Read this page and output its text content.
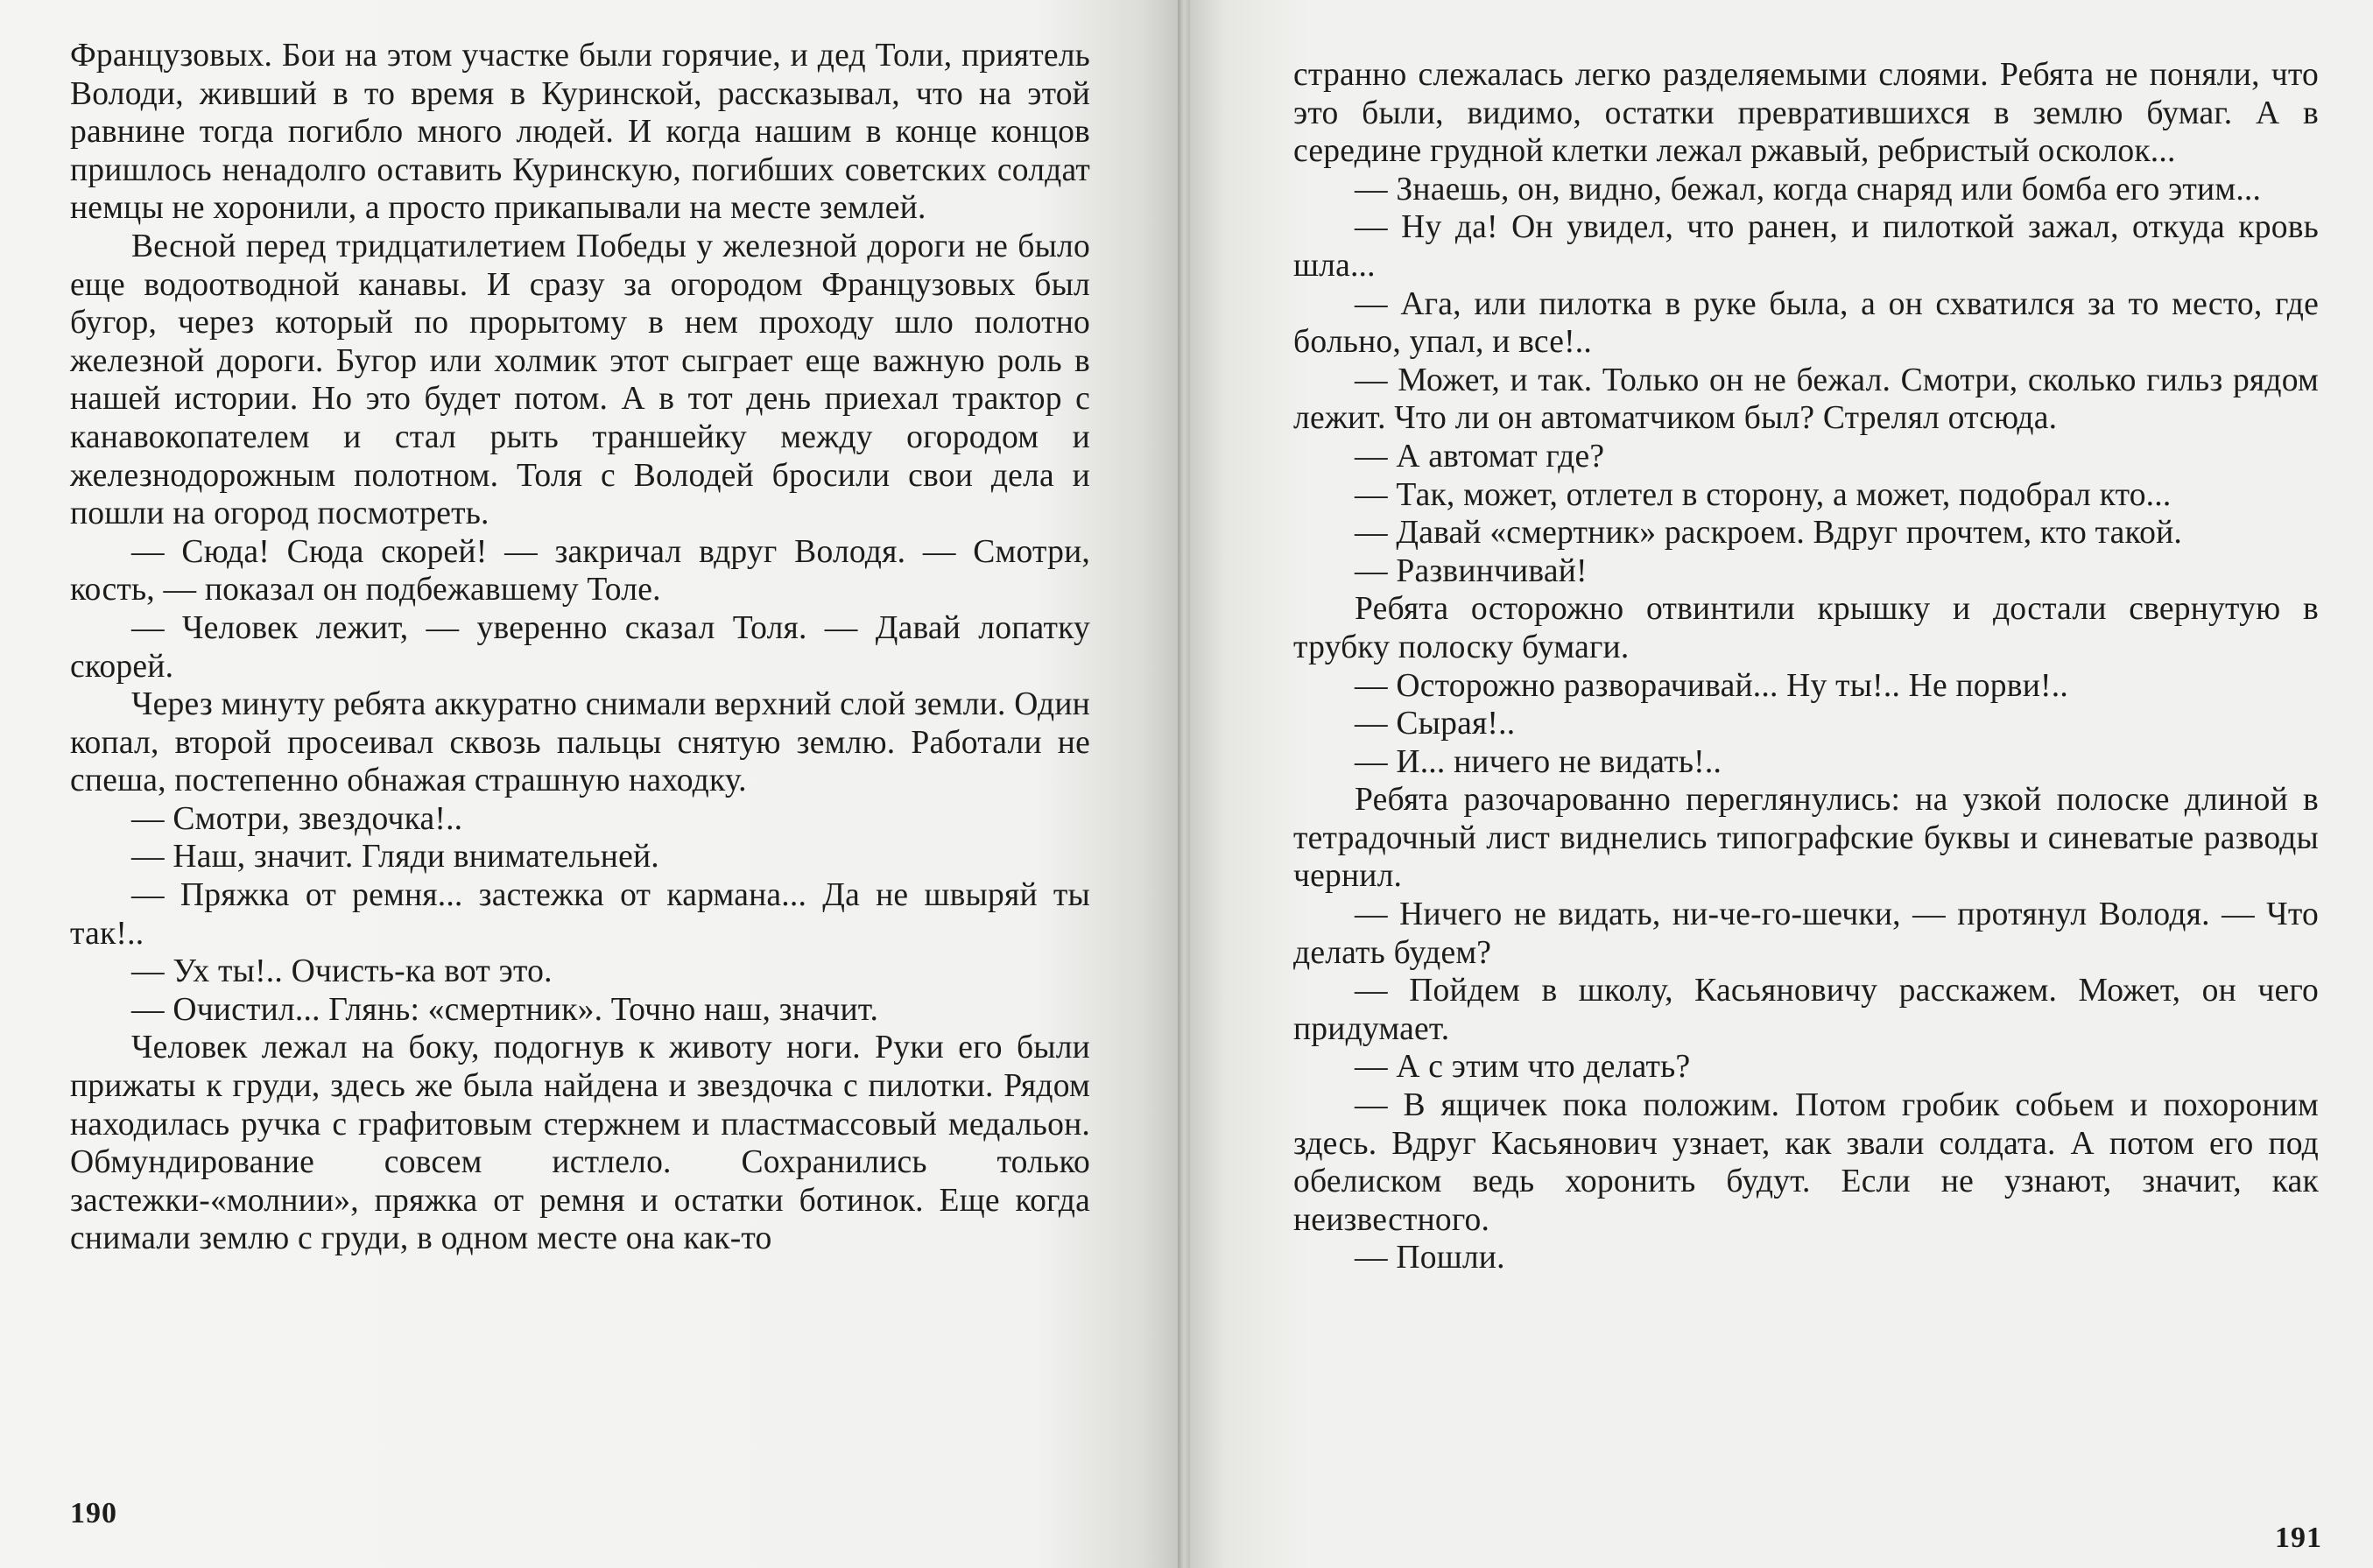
Французовых. Бои на этом участке были горячие, и дед Толи, приятель Володи, живший в то время в Куринской, рассказывал, что на этой равнине тогда погибло много людей. И когда нашим в конце концов пришлось ненадолго оставить Куринскую, погибших советских солдат немцы не хоронили, а просто прикапывали на месте землей.

Весной перед тридцатилетием Победы у железной дороги не было еще водоотводной канавы. И сразу за огородом Французовых был бугор, через который по прорытому в нем проходу шло полотно железной дороги. Бугор или холмик этот сыграет еще важную роль в нашей истории. Но это будет потом. А в тот день приехал трактор с канавокопателем и стал рыть траншейку между огородом и железнодорожным полотном. Толя с Володей бросили свои дела и пошли на огород посмотреть.

— Сюда! Сюда скорей! — закричал вдруг Володя. — Смотри, кость, — показал он подбежавшему Толе.

— Человек лежит, — уверенно сказал Толя. — Давай лопатку скорей.

Через минуту ребята аккуратно снимали верхний слой земли. Один копал, второй просеивал сквозь пальцы снятую землю. Работали не спеша, постепенно обнажая страшную находку.

— Смотри, звездочка!..

— Наш, значит. Гляди внимательней.

— Пряжка от ремня... застежка от кармана... Да не швыряй ты так!..

— Ух ты!.. Очисть-ка вот это.

— Очистил... Глянь: «смертник». Точно наш, значит.

Человек лежал на боку, подогнув к животу ноги. Руки его были прижаты к груди, здесь же была найдена и звездочка с пилотки. Рядом находилась ручка с графитовым стержнем и пластмассовый медальон. Обмундирование совсем истлело. Сохранились только застежки-«молнии», пряжка от ремня и остатки ботинок. Еще когда снимали землю с груди, в одном месте она как-то

190

странно слежалась легко разделяемыми слоями. Ребята не поняли, что это были, видимо, остатки превратившихся в землю бумаг. А в середине грудной клетки лежал ржавый, ребристый осколок...

— Знаешь, он, видно, бежал, когда снаряд или бомба его этим...

— Ну да! Он увидел, что ранен, и пилоткой зажал, откуда кровь шла...

— Ага, или пилотка в руке была, а он схватился за то место, где больно, упал, и все!..

— Может, и так. Только он не бежал. Смотри, сколько гильз рядом лежит. Что ли он автоматчиком был? Стрелял отсюда.

— А автомат где?

— Так, может, отлетел в сторону, а может, подобрал кто...

— Давай «смертник» раскроем. Вдруг прочтем, кто такой.

— Развинчивай!

Ребята осторожно отвинтили крышку и достали свернутую в трубку полоску бумаги.

— Осторожно разворачивай... Ну ты!.. Не порви!..

— Сырая!..

— И... ничего не видать!..

Ребята разочарованно переглянулись: на узкой полоске длиной в тетрадочный лист виднелись типографские буквы и синеватые разводы чернил.

— Ничего не видать, ни-че-го-шечки, — протянул Володя. — Что делать будем?

— Пойдем в школу, Касьяновичу расскажем. Может, он чего придумает.

— А с этим что делать?

— В ящичек пока положим. Потом гробик собьем и похороним здесь. Вдруг Касьянович узнает, как звали солдата. А потом его под обелиском ведь хоронить будут. Если не узнают, значит, как неизвестного.

— Пошли.

191
